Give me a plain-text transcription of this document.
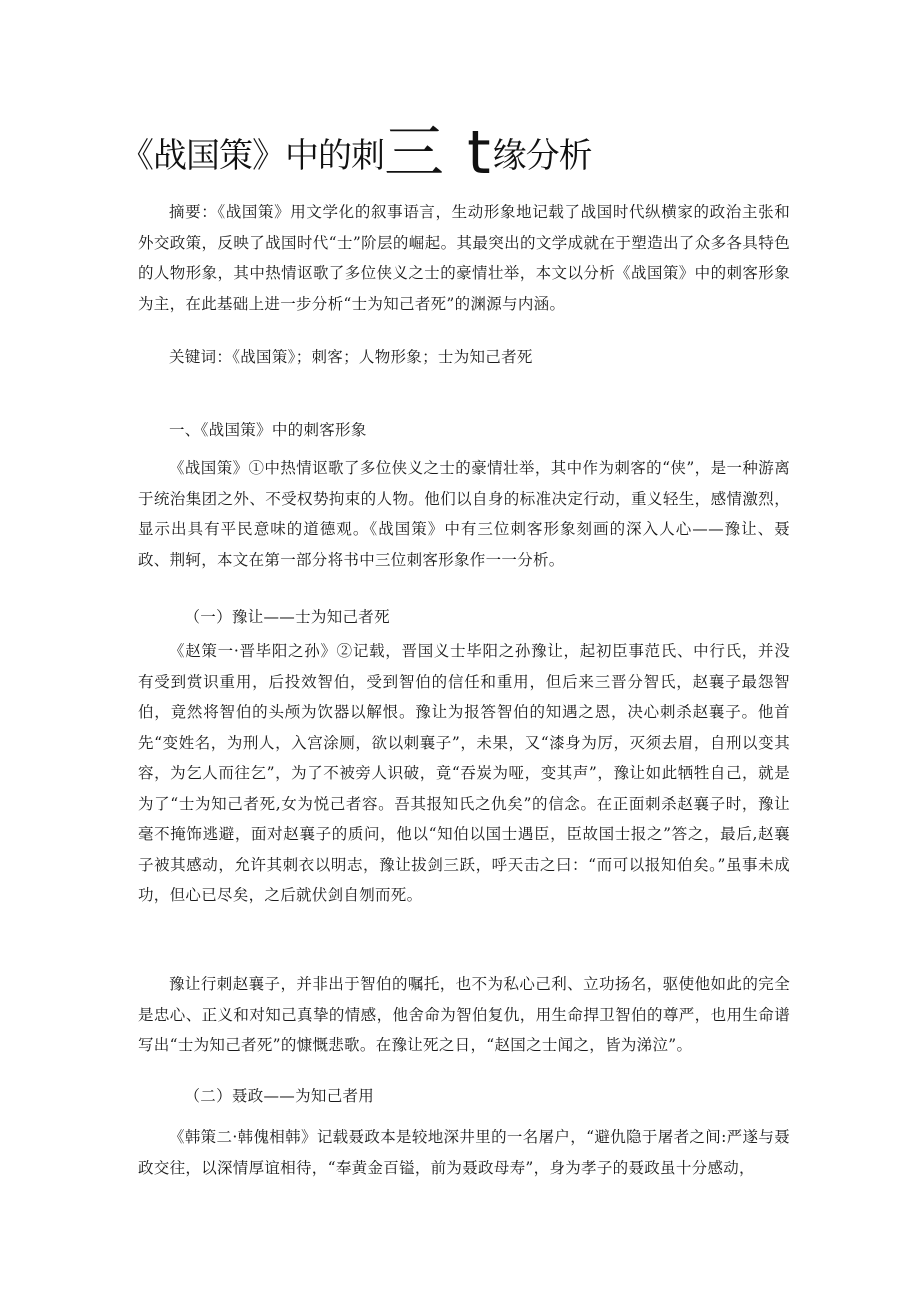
《战国策》中的刺三 t缘分析
摘要：《战国策》用文学化的叙事语言，生动形象地记载了战国时代纵横家的政治主张和外交政策，反映了战国时代“士”阶层的崛起。其最突出的文学成就在于塑造出了众多各具特色的人物形象，其中热情讴歌了多位侠义之士的豪情壮举，本文以分析《战国策》中的刺客形象为主，在此基础上进一步分析“士为知己者死”的渊源与内涵。
关键词：《战国策》；刺客；人物形象；士为知己者死
一、《战国策》中的刺客形象
《战国策》①中热情讴歌了多位侠义之士的豪情壮举，其中作为刺客的“侠”，是一种游离于统治集团之外、不受权势拘束的人物。他们以自身的标准决定行动，重义轻生，感情激烈，显示出具有平民意味的道德观。《战国策》中有三位刺客形象刻画的深入人心——豫让、聂政、荆轲，本文在第一部分将书中三位刺客形象作一一分析。
（一）豫让——士为知己者死
《赵策一·晋毕阳之孙》②记载，晋国义士毕阳之孙豫让，起初臣事范氏、中行氏，并没有受到赏识重用，后投效智伯，受到智伯的信任和重用，但后来三晋分智氏，赵襄子最怨智伯，竟然将智伯的头颅为饮器以解恨。豫让为报答智伯的知遇之恩，决心刺杀赵襄子。他首先“变姓名，为刑人，入宫涂厕，欲以刺襄子”，未果，又“漆身为厉，灭须去眉，自刑以变其容，为乞人而往乞”，为了不被旁人识破，竟“吞炭为哑，变其声”，豫让如此牺牲自己，就是为了“士为知己者死,女为悦己者容。吾其报知氏之仇矣”的信念。在正面刺杀赵襄子时，豫让毫不掩饰逃避，面对赵襄子的质问，他以“知伯以国士遇臣，臣故国士报之”答之，最后,赵襄子被其感动，允许其刺衣以明志，豫让拔剑三跃，呼天击之曰：“而可以报知伯矣。”虽事未成功，但心已尽矣，之后就伏剑自刎而死。
豫让行刺赵襄子，并非出于智伯的嘱托，也不为私心己利、立功扬名，驱使他如此的完全是忠心、正义和对知己真挚的情感，他舍命为智伯复仇，用生命捍卫智伯的尊严，也用生命谱写出“士为知己者死”的慷慨悲歌。在豫让死之日，“赵国之士闻之，皆为涕泣”。
（二）聂政——为知己者用
《韩策二·韩傀相韩》记载聂政本是较地深井里的一名屠户，“避仇隐于屠者之间:严遂与聂政交往，以深情厚谊相待，“奉黄金百镒，前为聂政母寿”，身为孝子的聂政虽十分感动，
